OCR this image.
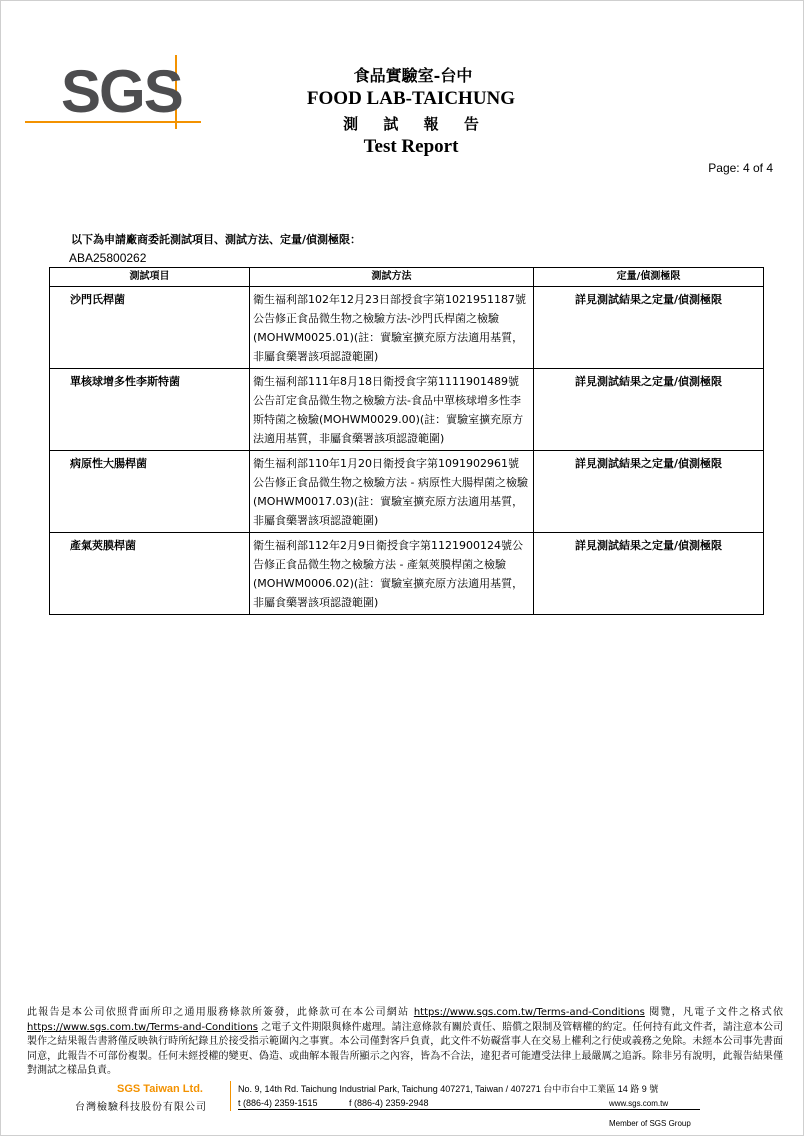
SGS	食品實驗室-台中
FOOD LAB-TAICHUNG
測 試 報 告
Test Report
Page: 4 of 4
以下為申請廠商委託測試項目、測試方法、定量/偵測極限：
ABA25800262
測試項目	測試方法	定量/偵測極限
沙門氏桿菌	衛生福利部102年12月23日部授食字第1021951187號公告修正食品微生物之檢驗方法-沙門氏桿菌之檢驗(MOHWM0025.01)(註：實驗室擴充原方法適用基質，非屬食藥署該項認證範圍)	詳見測試結果之定量/偵測極限
單核球增多性李斯特菌	衛生福利部111年8月18日衛授食字第1111901489號公告訂定食品微生物之檢驗方法-食品中單核球增多性李斯特菌之檢驗(MOHWM0029.00)(註：實驗室擴充原方法適用基質，非屬食藥署該項認證範圍)	詳見測試結果之定量/偵測極限
病原性大腸桿菌	衛生福利部110年1月20日衛授食字第1091902961號公告修正食品微生物之檢驗方法 - 病原性大腸桿菌之檢驗(MOHWM0017.03)(註：實驗室擴充原方法適用基質，非屬食藥署該項認證範圍)	詳見測試結果之定量/偵測極限
產氣莢膜桿菌	衛生福利部112年2月9日衛授食字第1121900124號公告修正食品微生物之檢驗方法 - 產氣莢膜桿菌之檢驗(MOHWM0006.02)(註：實驗室擴充原方法適用基質，非屬食藥署該項認證範圍)	詳見測試結果之定量/偵測極限
此報告是本公司依照背面所印之通用服務條款所簽發，此條款可在本公司網站 https://www.sgs.com.tw/Terms-and-Conditions 閱覽，凡電子文件之格式依 https://www.sgs.com.tw/Terms-and-Conditions 之電子文件期限與條件處理。請注意條款有關於責任、賠償之限制及管轄權的約定。任何持有此文件者，請注意本公司製作之結果報告書將僅反映執行時所紀錄且於接受指示範圍內之事實。本公司僅對客戶負責，此文件不妨礙當事人在交易上權利之行使或義務之免除。未經本公司事先書面同意，此報告不可部份複製。任何未經授權的變更、偽造、或曲解本報告所顯示之內容，皆為不合法，違犯者可能遭受法律上最嚴厲之追訴。除非另有說明，此報告結果僅對測試之樣品負責。
SGS Taiwan Ltd.
台灣檢驗科技股份有限公司
No. 9, 14th Rd. Taichung Industrial Park, Taichung 407271, Taiwan / 407271 台中市台中工業區 14 路 9 號
t (886-4) 2359-1515	f (886-4) 2359-2948	www.sgs.com.tw
Member of SGS Group
